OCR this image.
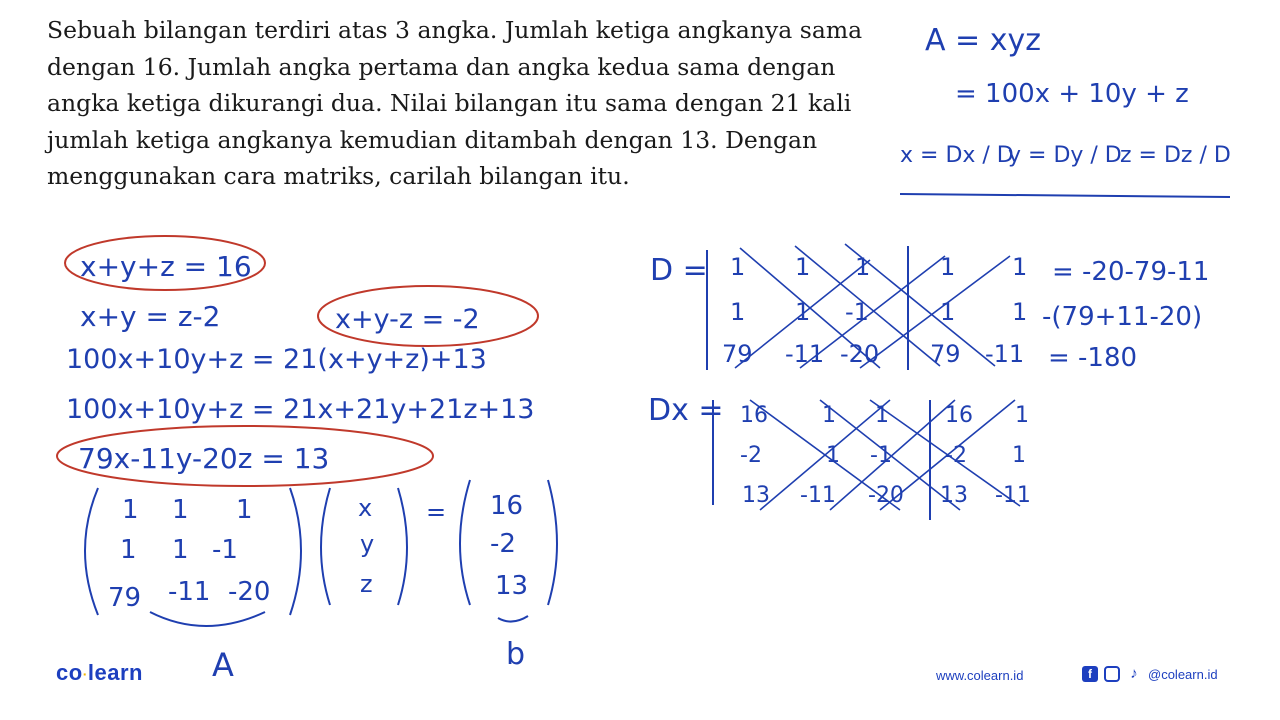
Sebuah bilangan terdiri atas 3 angka. Jumlah ketiga angkanya sama

dengan 16. Jumlah angka pertama dan angka kedua sama dengan

angka ketiga dikurangi dua. Nilai bilangan itu sama dengan 21 kali

jumlah ketiga angkanya kemudian ditambah dengan 13. Dengan

menggunakan cara matriks, carilah bilangan itu.

A = xyz
= 100x + 10y + z
x = Dx / D
y = Dy / D
z = Dz / D
x+y+z = 16
x+y = z-2	x+y-z = -2
100x+10y+z = 21(x+y+z)+13
100x+10y+z = 21x+21y+21z+13
79x-11y-20z = 13
1 1 1
1 1 -1
79 -11 -20
A
x
y
z
= 16
-2
13
b
D = 1 1 1	1 1
1 1 -1	1 1
79 -11 -20 79 -11
= -20-79-11
-(79+11-20)
= -180
Dx = 16 1 1	16 1
-2	1 -1 -2 1
13 -11 -20 13 -11
co·learn	www.colearn.id	f	♪ @colearn.id
